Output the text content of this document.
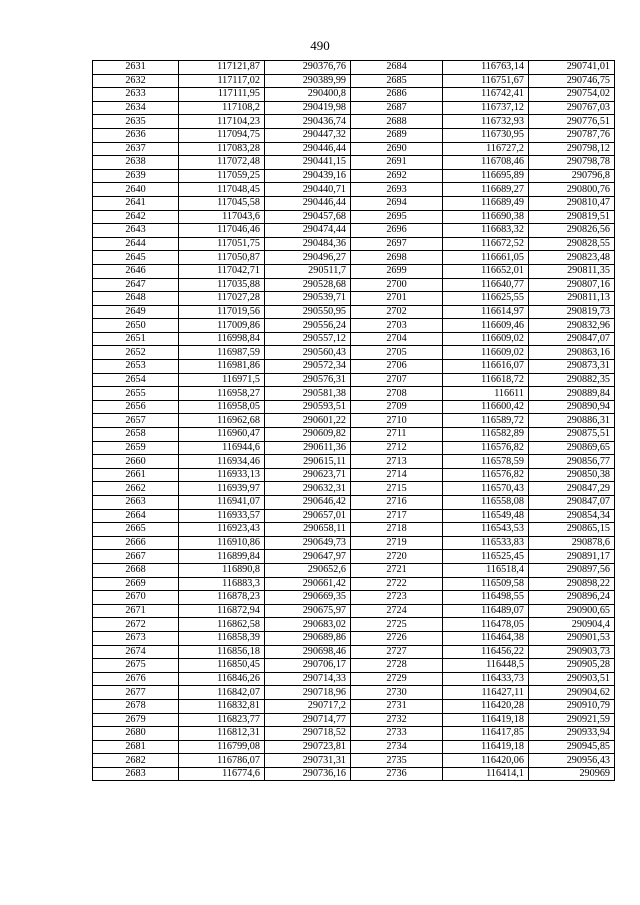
490
2631	117121,87	290376,76	2684	116763,14	290741,01
2632	117117,02	290389,99	2685	116751,67	290746,75
2633	117111,95	290400,8	2686	116742,41	290754,02
2634	117108,2	290419,98	2687	116737,12	290767,03
2635	117104,23	290436,74	2688	116732,93	290776,51
2636	117094,75	290447,32	2689	116730,95	290787,76
2637	117083,28	290446,44	2690	116727,2	290798,12
2638	117072,48	290441,15	2691	116708,46	290798,78
2639	117059,25	290439,16	2692	116695,89	290796,8
2640	117048,45	290440,71	2693	116689,27	290800,76
2641	117045,58	290446,44	2694	116689,49	290810,47
2642	117043,6	290457,68	2695	116690,38	290819,51
2643	117046,46	290474,44	2696	116683,32	290826,56
2644	117051,75	290484,36	2697	116672,52	290828,55
2645	117050,87	290496,27	2698	116661,05	290823,48
2646	117042,71	290511,7	2699	116652,01	290811,35
2647	117035,88	290528,68	2700	116640,77	290807,16
2648	117027,28	290539,71	2701	116625,55	290811,13
2649	117019,56	290550,95	2702	116614,97	290819,73
2650	117009,86	290556,24	2703	116609,46	290832,96
2651	116998,84	290557,12	2704	116609,02	290847,07
2652	116987,59	290560,43	2705	116609,02	290863,16
2653	116981,86	290572,34	2706	116616,07	290873,31
2654	116971,5	290576,31	2707	116618,72	290882,35
2655	116958,27	290581,38	2708	116611	290889,84
2656	116958,05	290593,51	2709	116600,42	290890,94
2657	116962,68	290601,22	2710	116589,72	290886,31
2658	116960,47	290609,82	2711	116582,89	290875,51
2659	116944,6	290611,36	2712	116576,82	290869,65
2660	116934,46	290615,11	2713	116578,59	290856,77
2661	116933,13	290623,71	2714	116576,82	290850,38
2662	116939,97	290632,31	2715	116570,43	290847,29
2663	116941,07	290646,42	2716	116558,08	290847,07
2664	116933,57	290657,01	2717	116549,48	290854,34
2665	116923,43	290658,11	2718	116543,53	290865,15
2666	116910,86	290649,73	2719	116533,83	290878,6
2667	116899,84	290647,97	2720	116525,45	290891,17
2668	116890,8	290652,6	2721	116518,4	290897,56
2669	116883,3	290661,42	2722	116509,58	290898,22
2670	116878,23	290669,35	2723	116498,55	290896,24
2671	116872,94	290675,97	2724	116489,07	290900,65
2672	116862,58	290683,02	2725	116478,05	290904,4
2673	116858,39	290689,86	2726	116464,38	290901,53
2674	116856,18	290698,46	2727	116456,22	290903,73
2675	116850,45	290706,17	2728	116448,5	290905,28
2676	116846,26	290714,33	2729	116433,73	290903,51
2677	116842,07	290718,96	2730	116427,11	290904,62
2678	116832,81	290717,2	2731	116420,28	290910,79
2679	116823,77	290714,77	2732	116419,18	290921,59
2680	116812,31	290718,52	2733	116417,85	290933,94
2681	116799,08	290723,81	2734	116419,18	290945,85
2682	116786,07	290731,31	2735	116420,06	290956,43
2683	116774,6	290736,16	2736	116414,1	290969
